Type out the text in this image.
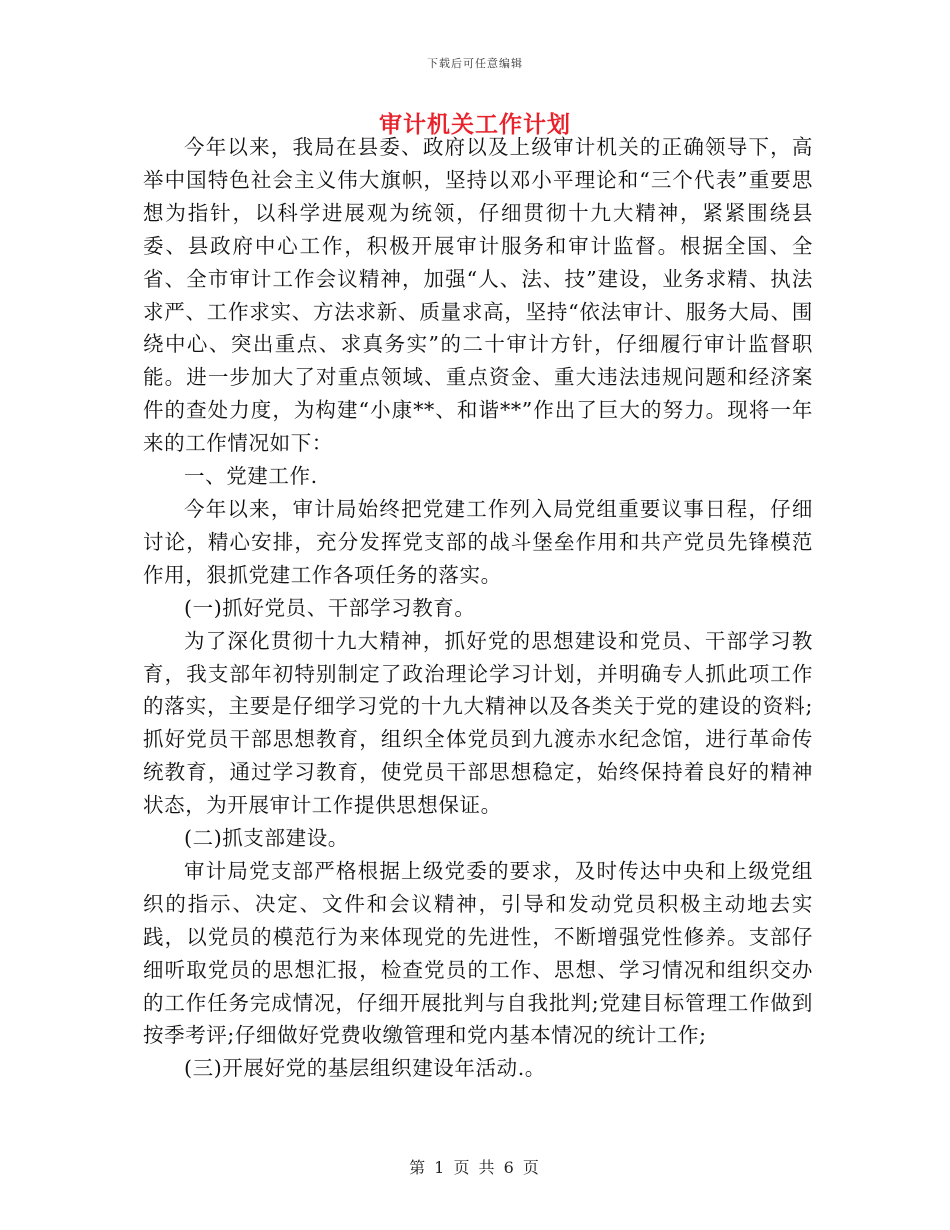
下载后可任意编辑
审计机关工作计划

今年以来，我局在县委、政府以及上级审计机关的正确领导下，高举中国特色社会主义伟大旗帜，坚持以邓小平理论和“三个代表”重要思想为指针，以科学进展观为统领，仔细贯彻十九大精神，紧紧围绕县委、县政府中心工作，积极开展审计服务和审计监督。根据全国、全省、全市审计工作会议精神，加强“人、法、技”建设，业务求精、执法求严、工作求实、方法求新、质量求高，坚持“依法审计、服务大局、围绕中心、突出重点、求真务实”的二十审计方针，仔细履行审计监督职能。进一步加大了对重点领域、重点资金、重大违法违规问题和经济案件的查处力度，为构建“小康**、和谐**”作出了巨大的努力。现将一年来的工作情况如下：

一、党建工作.

今年以来，审计局始终把党建工作列入局党组重要议事日程，仔细讨论，精心安排，充分发挥党支部的战斗堡垒作用和共产党员先锋模范作用，狠抓党建工作各项任务的落实。

(一)抓好党员、干部学习教育。

为了深化贯彻十九大精神，抓好党的思想建设和党员、干部学习教育，我支部年初特别制定了政治理论学习计划，并明确专人抓此项工作的落实，主要是仔细学习党的十九大精神以及各类关于党的建设的资料;抓好党员干部思想教育，组织全体党员到九渡赤水纪念馆，进行革命传统教育，通过学习教育，使党员干部思想稳定，始终保持着良好的精神状态，为开展审计工作提供思想保证。

(二)抓支部建设。

审计局党支部严格根据上级党委的要求，及时传达中央和上级党组织的指示、决定、文件和会议精神，引导和发动党员积极主动地去实践，以党员的模范行为来体现党的先进性，不断增强党性修养。支部仔细听取党员的思想汇报，检查党员的工作、思想、学习情况和组织交办的工作任务完成情况，仔细开展批判与自我批判;党建目标管理工作做到按季考评;仔细做好党费收缴管理和党内基本情况的统计工作;

(三)开展好党的基层组织建设年活动.。

第 1 页 共 6 页
